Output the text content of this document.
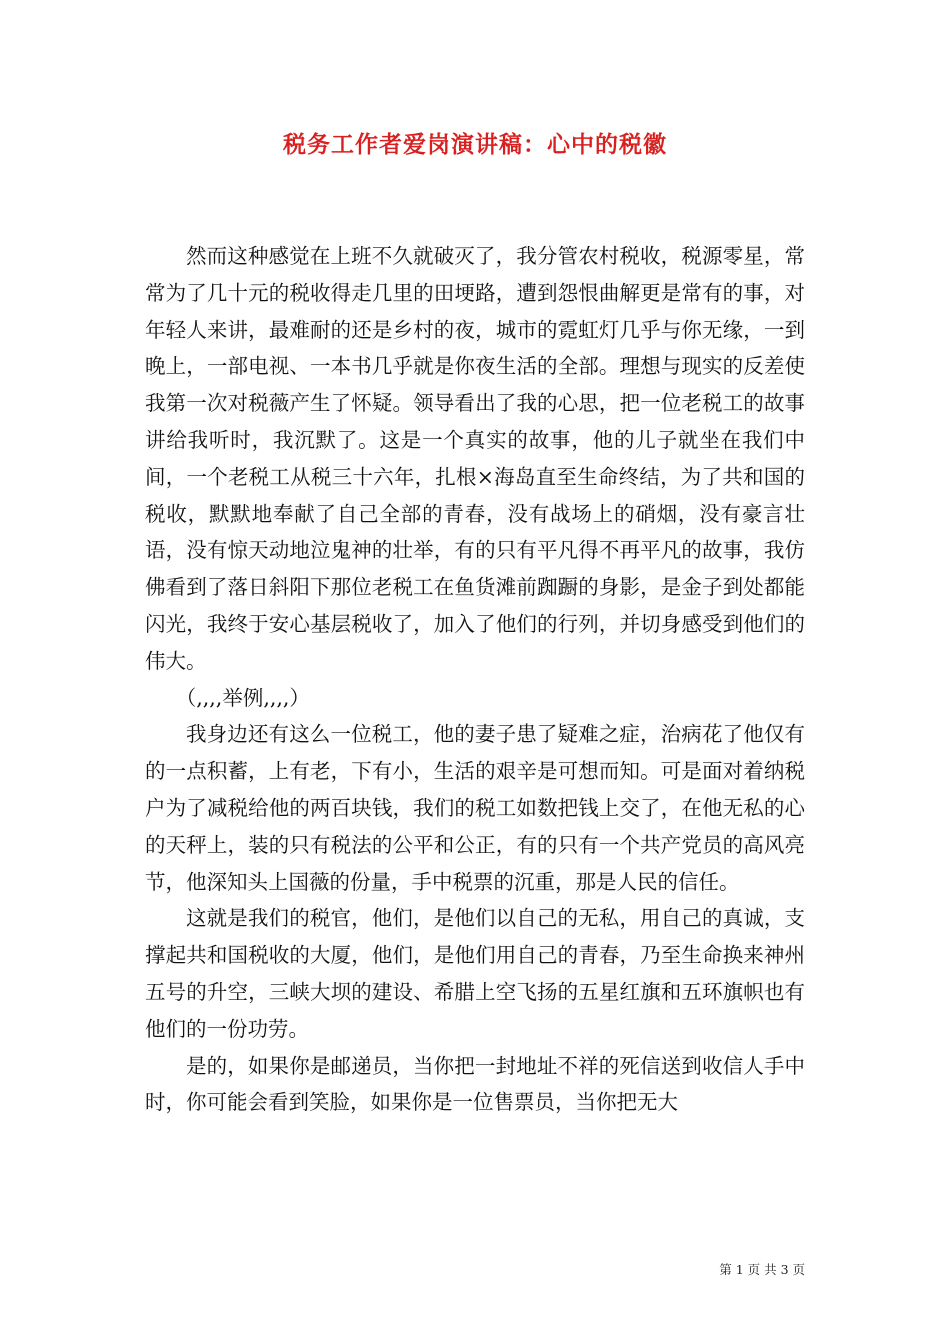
税务工作者爱岗演讲稿：心中的税徽

然而这种感觉在上班不久就破灭了，我分管农村税收，税源零星，常常为了几十元的税收得走几里的田埂路，遭到怨恨曲解更是常有的事，对年轻人来讲，最难耐的还是乡村的夜，城市的霓虹灯几乎与你无缘，一到晚上，一部电视、一本书几乎就是你夜生活的全部。理想与现实的反差使我第一次对税薇产生了怀疑。领导看出了我的心思，把一位老税工的故事讲给我听时，我沉默了。这是一个真实的故事，他的儿子就坐在我们中间，一个老税工从税三十六年，扎根×海岛直至生命终结，为了共和国的税收，默默地奉献了自己全部的青春，没有战场上的硝烟，没有豪言壮语，没有惊天动地泣鬼神的壮举，有的只有平凡得不再平凡的故事，我仿佛看到了落日斜阳下那位老税工在鱼货滩前踟蹰的身影，是金子到处都能闪光，我终于安心基层税收了，加入了他们的行列，并切身感受到他们的伟大。

（,,,,举例,,,,）

我身边还有这么一位税工，他的妻子患了疑难之症，治病花了他仅有的一点积蓄，上有老，下有小，生活的艰辛是可想而知。可是面对着纳税户为了减税给他的两百块钱，我们的税工如数把钱上交了，在他无私的心的天秤上，装的只有税法的公平和公正，有的只有一个共产党员的高风亮节，他深知头上国薇的份量，手中税票的沉重，那是人民的信任。

这就是我们的税官，他们，是他们以自己的无私，用自己的真诚，支撑起共和国税收的大厦，他们，是他们用自己的青春，乃至生命换来神州五号的升空，三峡大坝的建设、希腊上空飞扬的五星红旗和五环旗帜也有他们的一份功劳。

是的，如果你是邮递员，当你把一封地址不祥的死信送到收信人手中时，你可能会看到笑脸，如果你是一位售票员，当你把无大

第 1 页 共 3 页
